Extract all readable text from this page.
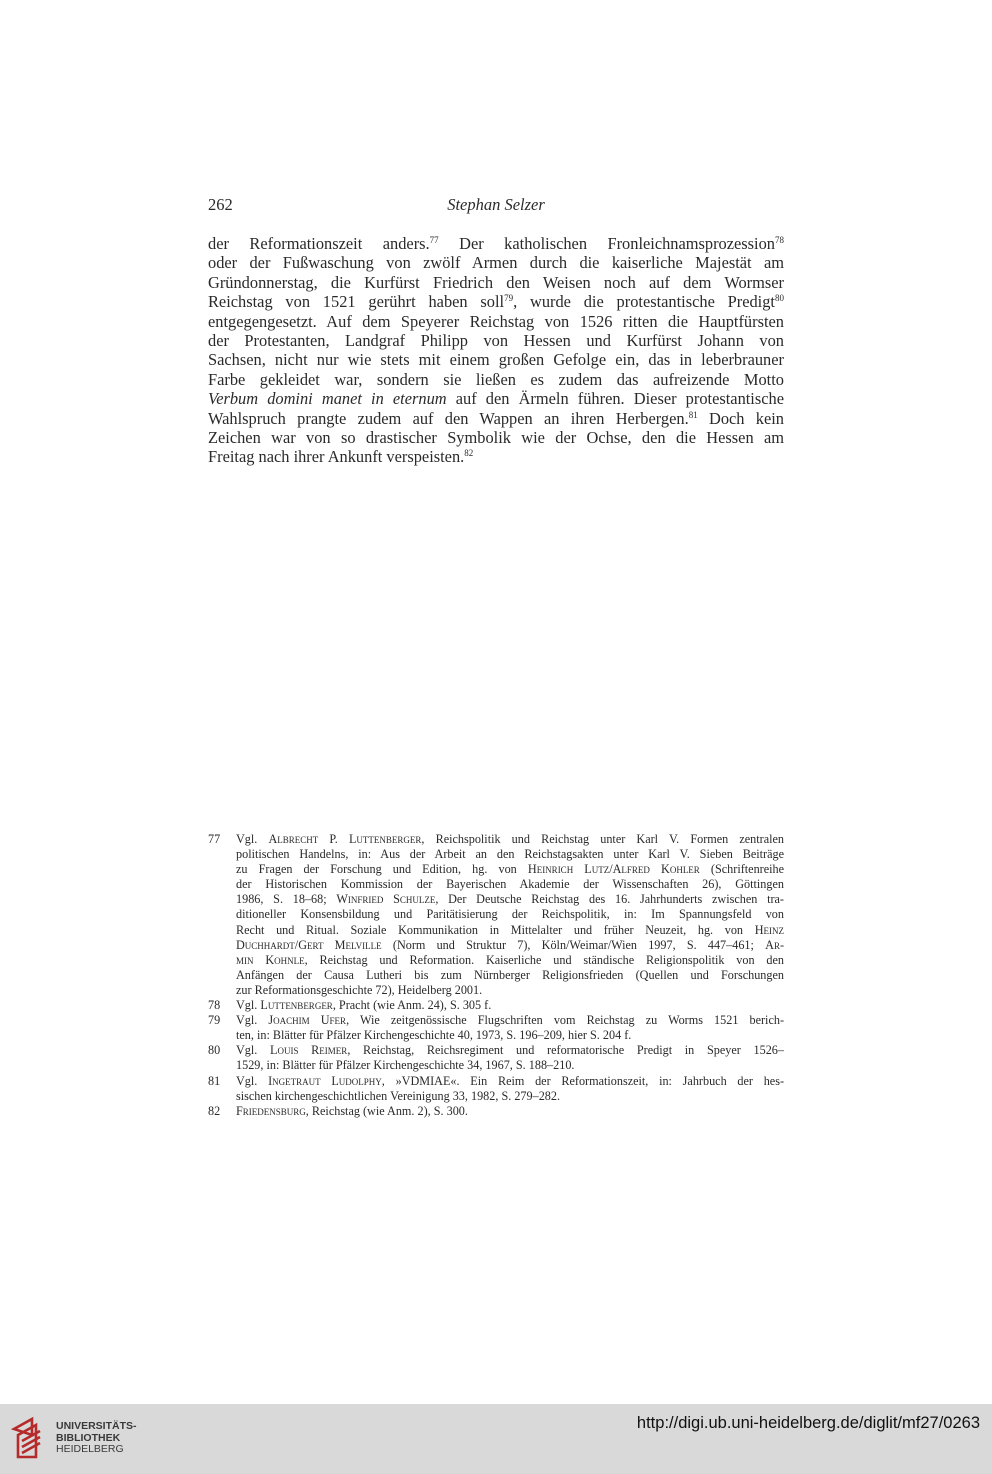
262	Stephan Selzer

der Reformationszeit anders.$^{77}$ Der katholischen Fronleichnamsprozession$^{78}$
oder der Fußwaschung von zwölf Armen durch die kaiserliche Majestät am
Gründonnerstag, die Kurfürst Friedrich den Weisen noch auf dem Wormser
Reichstag von 1521 gerührt haben soll$^{79}$, wurde die protestantische Predigt$^{80}$
entgegengesetzt. Auf dem Speyerer Reichstag von 1526 ritten die Hauptfürsten
der Protestanten, Landgraf Philipp von Hessen und Kurfürst Johann von
Sachsen, nicht nur wie stets mit einem großen Gefolge ein, das in leberbrauner
Farbe gekleidet war, sondern sie ließen es zudem das aufreizende Motto
Verbum domini manet in eternum auf den Ärmeln führen. Dieser protestantische
Wahlspruch prangte zudem auf den Wappen an ihren Herbergen.$^{81}$ Doch kein
Zeichen war von so drastischer Symbolik wie der Ochse, den die Hessen am
Freitag nach ihrer Ankunft verspeisten.$^{82}$

77 Vgl. Albrecht P. Luttenberger, Reichspolitik und Reichstag unter Karl V. Formen zentralen
politischen Handelns, in: Aus der Arbeit an den Reichstagsakten unter Karl V. Sieben Beiträge
zu Fragen der Forschung und Edition, hg. von Heinrich Lutz/Alfred Kohler (Schriftenreihe
der Historischen Kommission der Bayerischen Akademie der Wissenschaften 26), Göttingen
1986, S. 18–68; Winfried Schulze, Der Deutsche Reichstag des 16. Jahrhunderts zwischen tra-
ditioneller Konsensbildung und Paritätisierung der Reichspolitik, in: Im Spannungsfeld von
Recht und Ritual. Soziale Kommunikation in Mittelalter und früher Neuzeit, hg. von Heinz
Duchhardt/Gert Melville (Norm und Struktur 7), Köln/Weimar/Wien 1997, S. 447–461; Ar-
min Kohnle, Reichstag und Reformation. Kaiserliche und ständische Religionspolitik von den
Anfängen der Causa Lutheri bis zum Nürnberger Religionsfrieden (Quellen und Forschungen
zur Reformationsgeschichte 72), Heidelberg 2001.

78 Vgl. Luttenberger, Pracht (wie Anm. 24), S. 305 f.

79 Vgl. Joachim Ufer, Wie zeitgenössische Flugschriften vom Reichstag zu Worms 1521 berich-
ten, in: Blätter für Pfälzer Kirchengeschichte 40, 1973, S. 196–209, hier S. 204 f.

80 Vgl. Louis Reimer, Reichstag, Reichsregiment und reformatorische Predigt in Speyer 1526–
1529, in: Blätter für Pfälzer Kirchengeschichte 34, 1967, S. 188–210.

81 Vgl. Ingetraut Ludolphy, »VDMIAE«. Ein Reim der Reformationszeit, in: Jahrbuch der hes-
sischen kirchengeschichtlichen Vereinigung 33, 1982, S. 279–282.

82 Friedensburg, Reichstag (wie Anm. 2), S. 300.

UNIVERSITÄTS-
BIBLIOTHEK
HEIDELBERG
http://digi.ub.uni-heidelberg.de/diglit/mf27/0263
